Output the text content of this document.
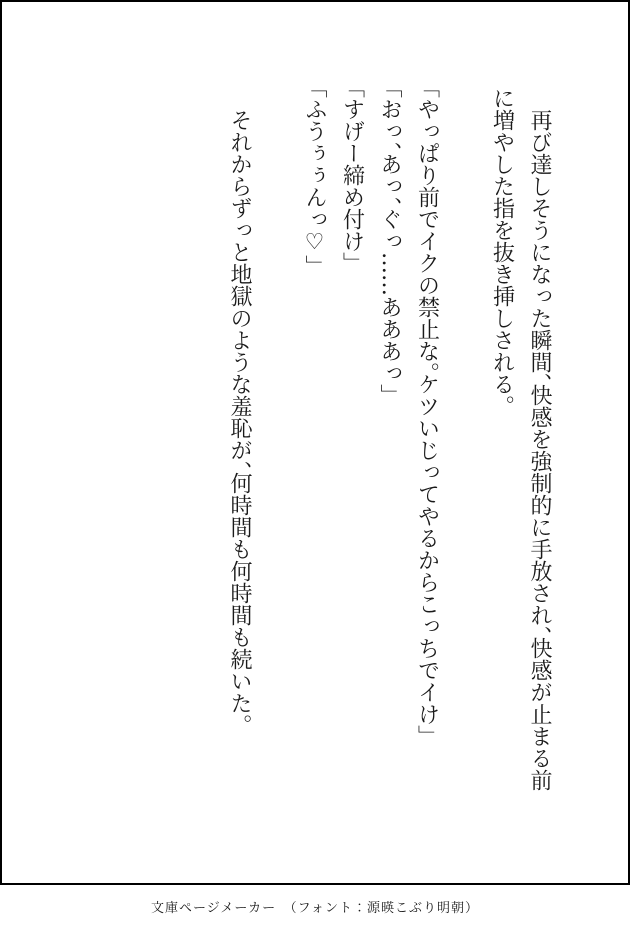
再び達しそうになった瞬間、快感を強制的に手放され、快感が止まる前に増やした指を抜き挿しされる。

「やっぱり前でイクの禁止な。ケツいじってやるからこっちでイけ」

「おっ、あっ、ぐっ……あああっ」

「すげー締め付け」

「ふうぅぅんっ♡」

それからずっと地獄のような羞恥が、何時間も何時間も続いた。

文庫ページメーカー　（フォント：源暎こぶり明朝）
